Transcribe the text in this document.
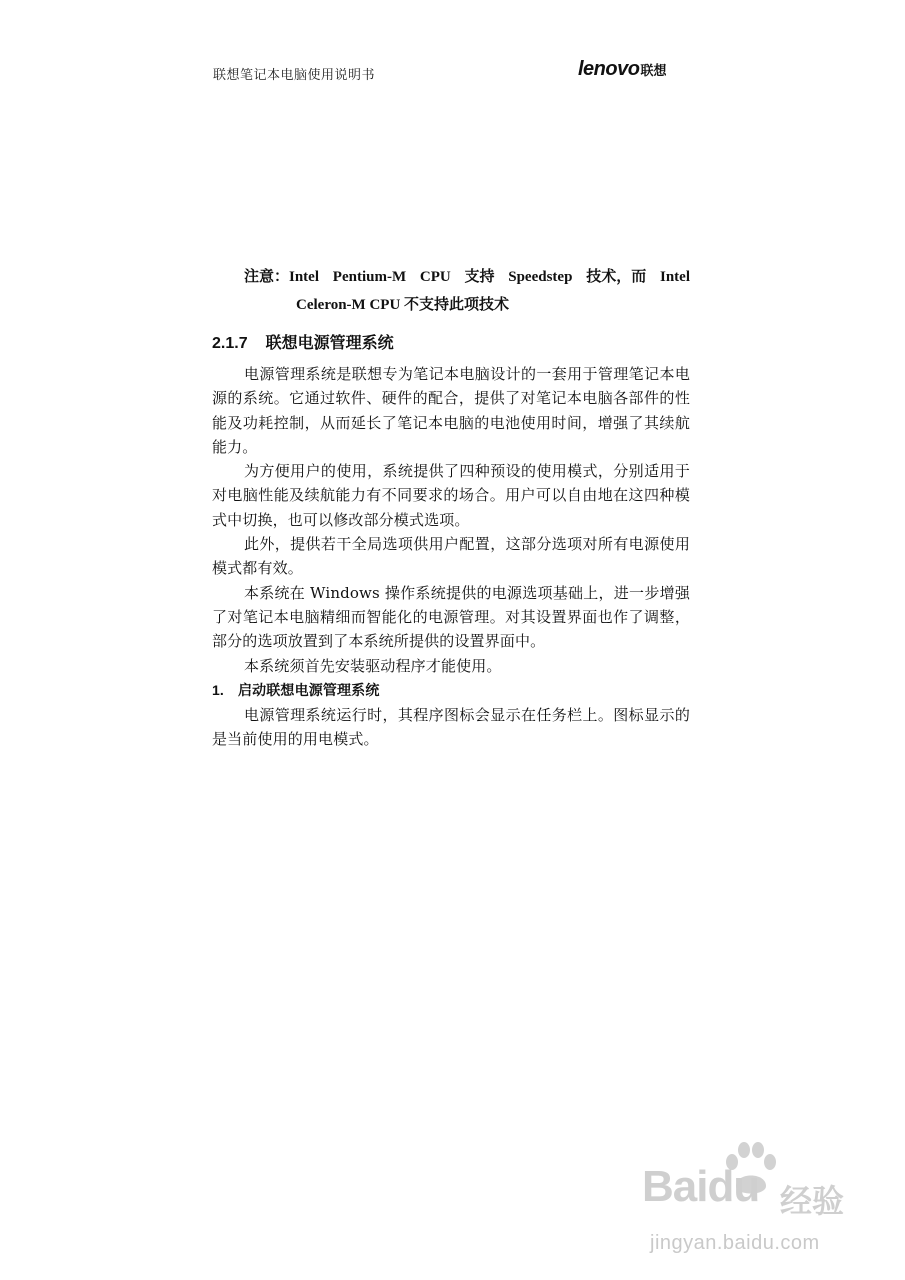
联想笔记本电脑使用说明书	lenovo 联想
注意：Intel Pentium-M CPU 支持 Speedstep 技术，而 Intel
Celeron-M CPU 不支持此项技术
2.1.7 联想电源管理系统

电源管理系统是联想专为笔记本电脑设计的一套用于管理笔记本电源的系统。它通过软件、硬件的配合，提供了对笔记本电脑各部件的性能及功耗控制，从而延长了笔记本电脑的电池使用时间，增强了其续航能力。

为方便用户的使用，系统提供了四种预设的使用模式，分别适用于对电脑性能及续航能力有不同要求的场合。用户可以自由地在这四种模式中切换，也可以修改部分模式选项。

此外，提供若干全局选项供用户配置，这部分选项对所有电源使用模式都有效。

本系统在 Windows 操作系统提供的电源选项基础上，进一步增强了对笔记本电脑精细而智能化的电源管理。对其设置界面也作了调整，部分的选项放置到了本系统所提供的设置界面中。

本系统须首先安装驱动程序才能使用。

1. 启动联想电源管理系统

电源管理系统运行时，其程序图标会显示在任务栏上。图标显示的是当前使用的用电模式。

Baidu 经验
jingyan.baidu.com
